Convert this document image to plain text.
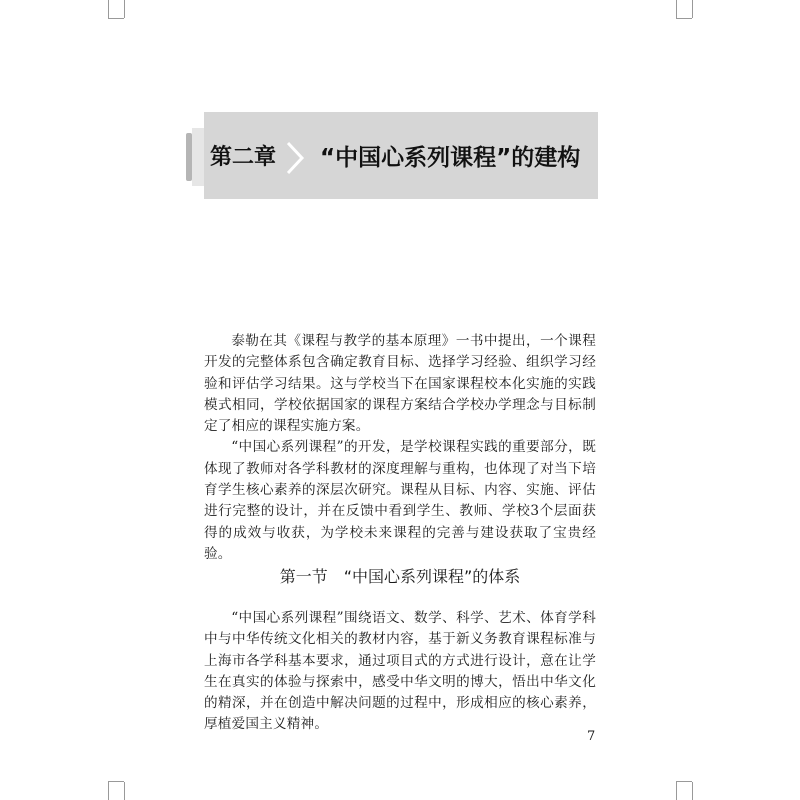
第二章	“中国心系列课程”的建构

泰勒在其《课程与教学的基本原理》一书中提出，一个课程开发的完整体系包含确定教育目标、选择学习经验、组织学习经验和评估学习结果。这与学校当下在国家课程校本化实施的实践模式相同，学校依据国家的课程方案结合学校办学理念与目标制定了相应的课程实施方案。

“中国心系列课程”的开发，是学校课程实践的重要部分，既体现了教师对各学科教材的深度理解与重构，也体现了对当下培育学生核心素养的深层次研究。课程从目标、内容、实施、评估进行完整的设计，并在反馈中看到学生、教师、学校3个层面获得的成效与收获，为学校未来课程的完善与建设获取了宝贵经验。

第一节　“中国心系列课程”的体系

“中国心系列课程”围绕语文、数学、科学、艺术、体育学科中与中华传统文化相关的教材内容，基于新义务教育课程标准与上海市各学科基本要求，通过项目式的方式进行设计，意在让学生在真实的体验与探索中，感受中华文明的博大，悟出中华文化的精深，并在创造中解决问题的过程中，形成相应的核心素养，厚植爱国主义精神。

7
